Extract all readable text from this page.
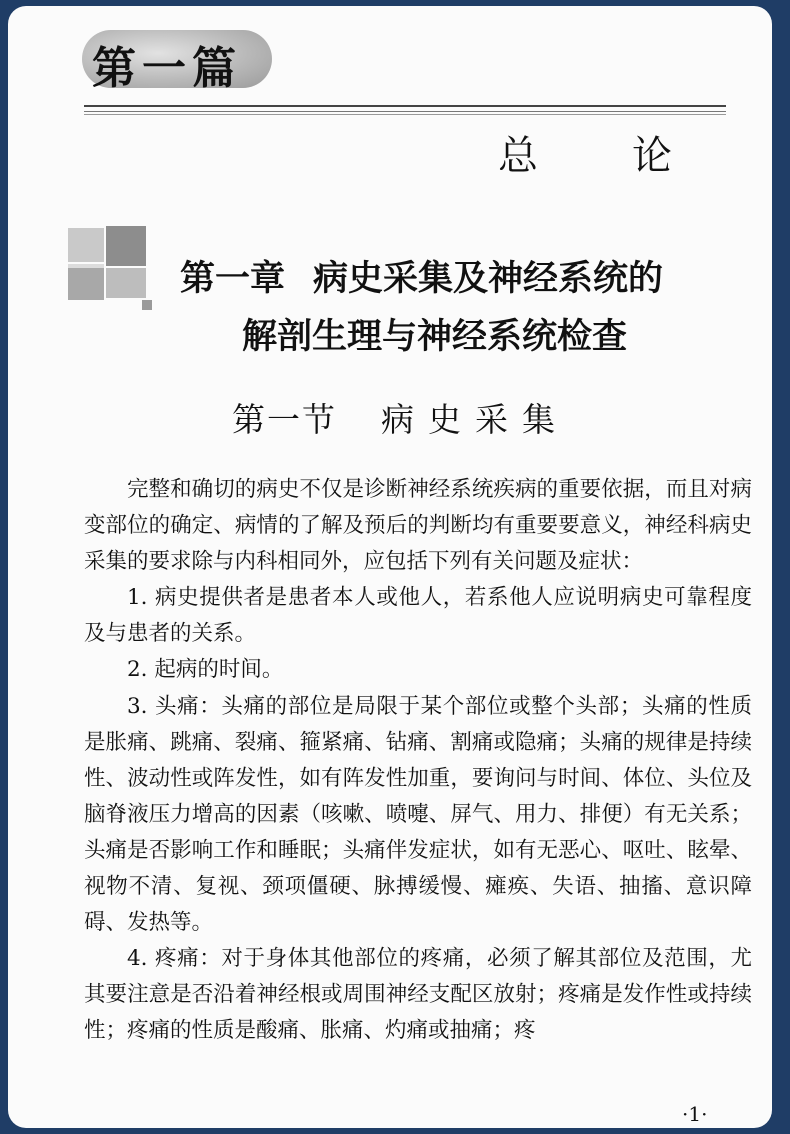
第一篇
总论
第一章 病史采集及神经系统的
解剖生理与神经系统检查
第一节 病史采集

完整和确切的病史不仅是诊断神经系统疾病的重要依据，而且对病变部位的确定、病情的了解及预后的判断均有重要要意义，神经科病史采集的要求除与内科相同外，应包括下列有关问题及症状：

1. 病史提供者是患者本人或他人，若系他人应说明病史可靠程度及与患者的关系。

2. 起病的时间。

3. 头痛：头痛的部位是局限于某个部位或整个头部；头痛的性质是胀痛、跳痛、裂痛、箍紧痛、钻痛、割痛或隐痛；头痛的规律是持续性、波动性或阵发性，如有阵发性加重，要询问与时间、体位、头位及脑脊液压力增高的因素（咳嗽、喷嚏、屏气、用力、排便）有无关系；头痛是否影响工作和睡眠；头痛伴发症状，如有无恶心、呕吐、眩晕、视物不清、复视、颈项僵硬、脉搏缓慢、瘫痪、失语、抽搐、意识障碍、发热等。

4. 疼痛：对于身体其他部位的疼痛，必须了解其部位及范围，尤其要注意是否沿着神经根或周围神经支配区放射；疼痛是发作性或持续性；疼痛的性质是酸痛、胀痛、灼痛或抽痛；疼

·1·
